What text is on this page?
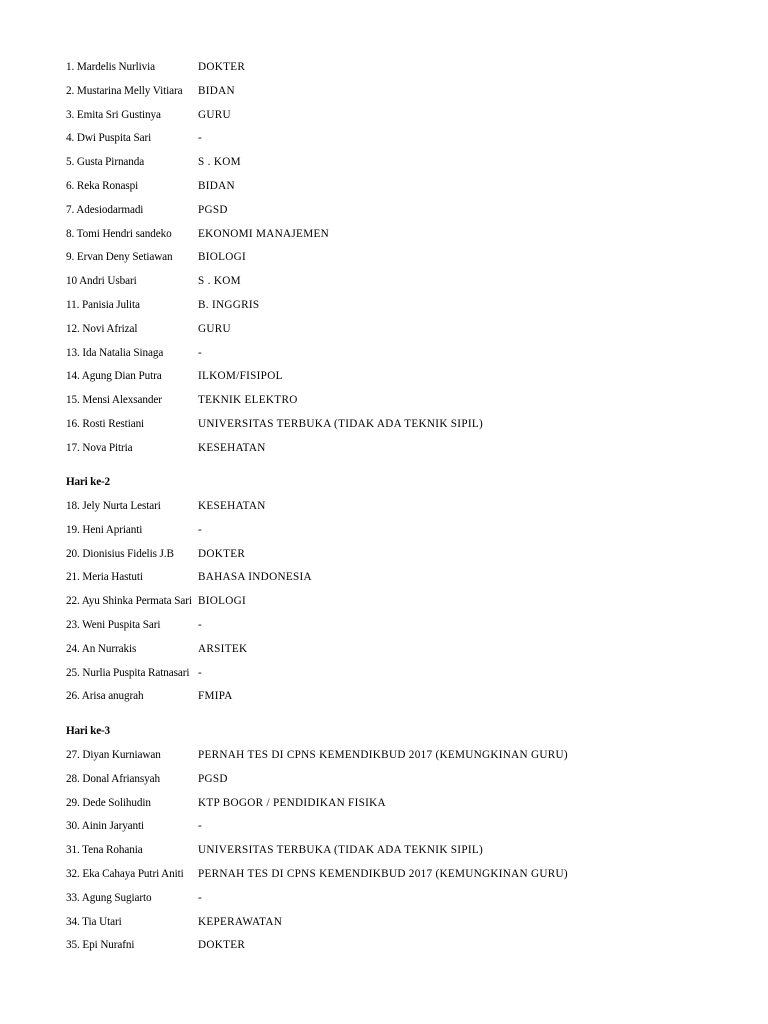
1. Mardelis Nurlivia	DOKTER
2. Mustarina Melly Vitiara	BIDAN
3. Emita Sri Gustinya	GURU
4. Dwi Puspita Sari	-
5. Gusta Pirnanda	S . KOM
6. Reka Ronaspi	BIDAN
7. Adesiodarmadi	PGSD
8. Tomi Hendri sandeko	EKONOMI MANAJEMEN
9. Ervan Deny Setiawan	BIOLOGI
10 Andri Usbari	S . KOM
11. Panisia Julita	B. INGGRIS
12. Novi Afrizal	GURU
13. Ida Natalia Sinaga	-
14. Agung Dian Putra	ILKOM/FISIPOL
15. Mensi Alexsander	TEKNIK ELEKTRO
16. Rosti Restiani	UNIVERSITAS TERBUKA (TIDAK ADA TEKNIK SIPIL)
17. Nova Pitria	KESEHATAN
Hari ke-2
18. Jely Nurta Lestari	KESEHATAN
19. Heni Aprianti	-
20. Dionisius Fidelis J.B	DOKTER
21. Meria Hastuti	BAHASA INDONESIA
22. Ayu Shinka Permata Sari BIOLOGI
23. Weni Puspita Sari	-
24. An Nurrakis	ARSITEK
25. Nurlia Puspita Ratnasari -
26. Arisa anugrah	FMIPA
Hari ke-3
27. Diyan Kurniawan	PERNAH TES DI CPNS KEMENDIKBUD 2017 (KEMUNGKINAN GURU)
28. Donal Afriansyah	PGSD
29. Dede Solihudin	KTP BOGOR / PENDIDIKAN FISIKA
30. Ainin Jaryanti	-
31. Tena Rohania	UNIVERSITAS TERBUKA (TIDAK ADA TEKNIK SIPIL)
32. Eka Cahaya Putri Aniti	PERNAH TES DI CPNS KEMENDIKBUD 2017 (KEMUNGKINAN GURU)
33. Agung Sugiarto	-
34. Tia Utari	KEPERAWATAN
35. Epi Nurafni	DOKTER
